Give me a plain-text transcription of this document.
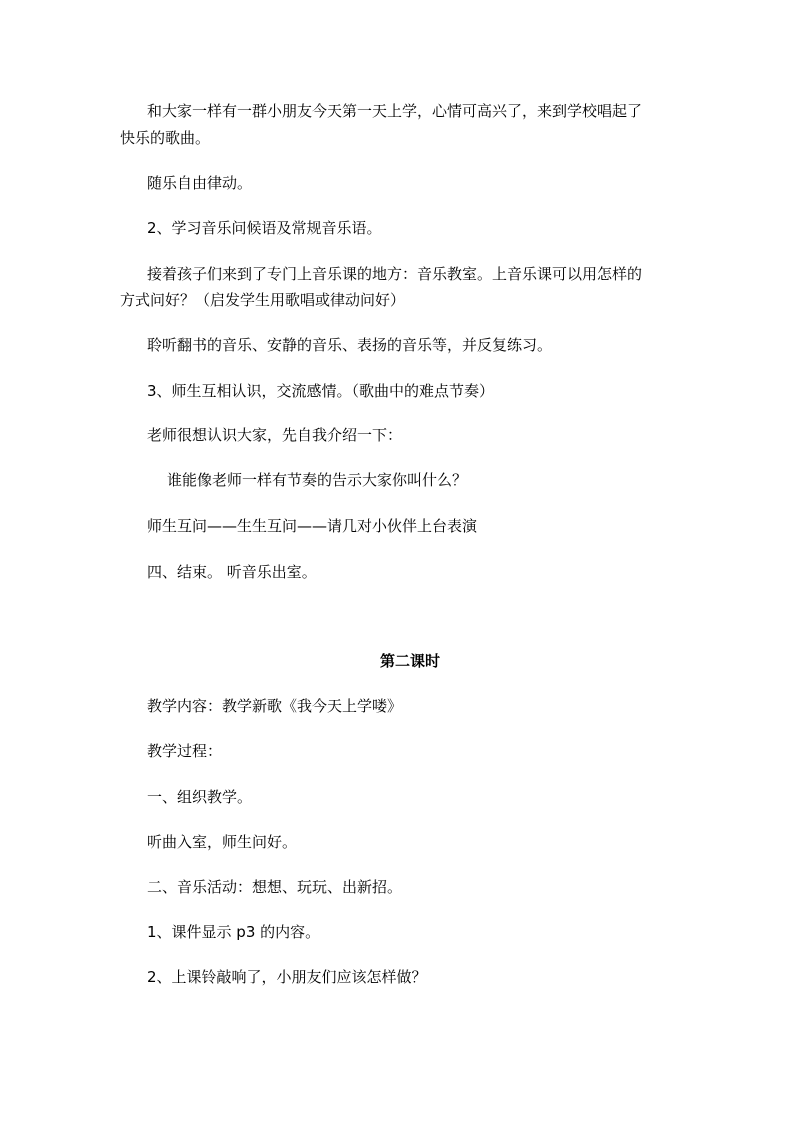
和大家一样有一群小朋友今天第一天上学，心情可高兴了，来到学校唱起了
快乐的歌曲。
随乐自由律动。
2、学习音乐问候语及常规音乐语。
接着孩子们来到了专门上音乐课的地方：音乐教室。上音乐课可以用怎样的
方式问好？（启发学生用歌唱或律动问好）
聆听翻书的音乐、安静的音乐、表扬的音乐等，并反复练习。
3、师生互相认识，交流感情。（歌曲中的难点节奏）
老师很想认识大家，先自我介绍一下：
谁能像老师一样有节奏的告示大家你叫什么？
师生互问——生生互问——请几对小伙伴上台表演
四、结束。 听音乐出室。
第二课时
教学内容：教学新歌《我今天上学喽》
教学过程：
一、组织教学。
听曲入室，师生问好。
二、音乐活动：想想、玩玩、出新招。
1、课件显示 p3 的内容。
2、上课铃敲响了，小朋友们应该怎样做？
